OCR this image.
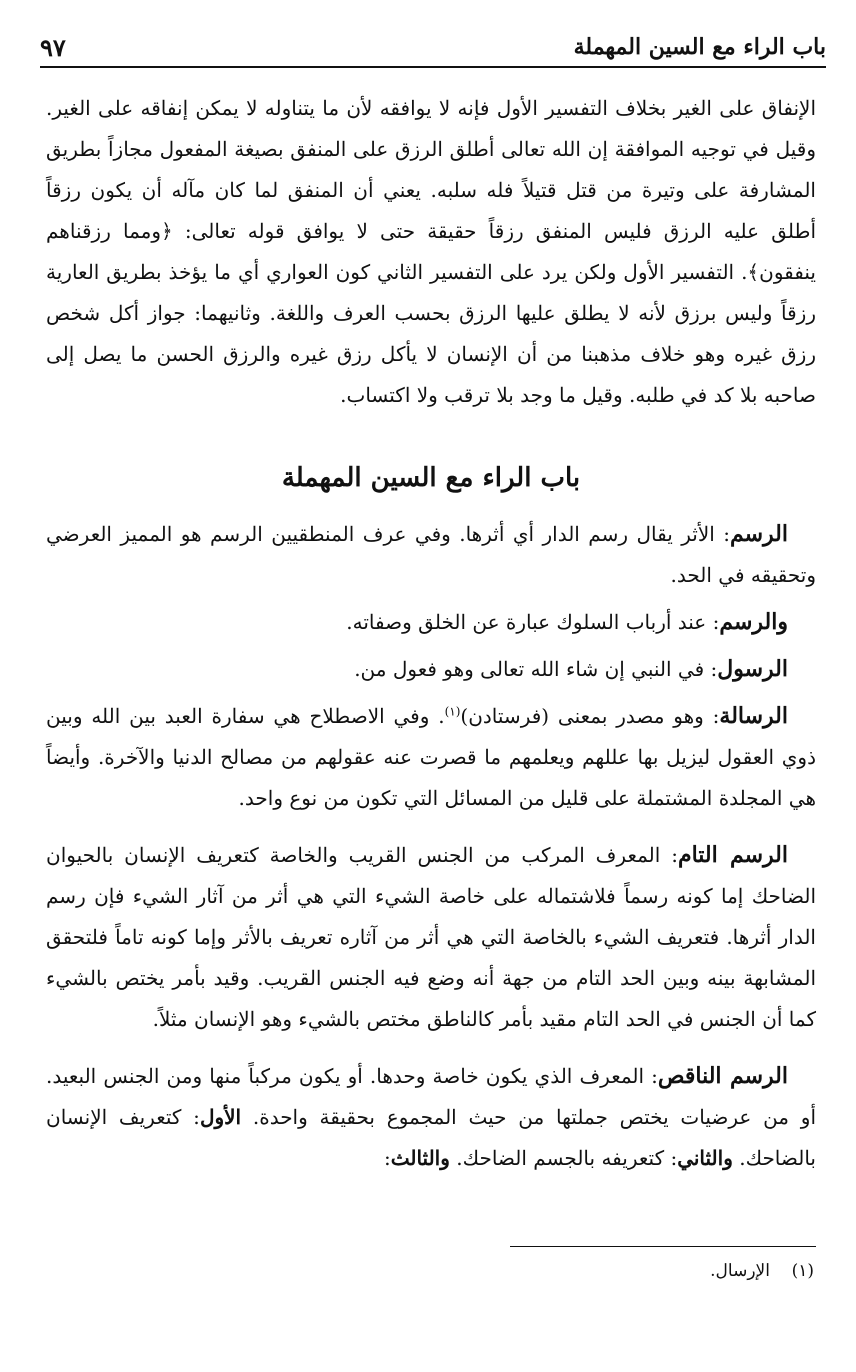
باب الراء مع السين المهملة
٩٧

الإنفاق على الغير بخلاف التفسير الأول فإنه لا يوافقه لأن ما يتناوله لا يمكن إنفاقه على الغير. وقيل في توجيه الموافقة إن الله تعالى أطلق الرزق على المنفق بصيغة المفعول مجازاً بطريق المشارفة على وتيرة من قتل قتيلاً فله سلبه. يعني أن المنفق لما كان مآله أن يكون رزقاً أطلق عليه الرزق فليس المنفق رزقاً حقيقة حتى لا يوافق قوله تعالى: ﴿ومما رزقناهم ينفقون﴾. التفسير الأول ولكن يرد على التفسير الثاني كون العواري أي ما يؤخذ بطريق العارية رزقاً وليس برزق لأنه لا يطلق عليها الرزق بحسب العرف واللغة. وثانيهما: جواز أكل شخص رزق غيره وهو خلاف مذهبنا من أن الإنسان لا يأكل رزق غيره والرزق الحسن ما يصل إلى صاحبه بلا كد في طلبه. وقيل ما وجد بلا ترقب ولا اكتساب.

باب الراء مع السين المهملة

الرسم: الأثر يقال رسم الدار أي أثرها. وفي عرف المنطقيين الرسم هو المميز العرضي وتحقيقه في الحد.

والرسم: عند أرباب السلوك عبارة عن الخلق وصفاته.

الرسول: في النبي إن شاء الله تعالى وهو فعول من.

الرسالة: وهو مصدر بمعنى (فرستادن)$^{(١)}$. وفي الاصطلاح هي سفارة العبد بين الله وبين ذوي العقول ليزيل بها عللهم ويعلمهم ما قصرت عنه عقولهم من مصالح الدنيا والآخرة. وأيضاً هي المجلدة المشتملة على قليل من المسائل التي تكون من نوع واحد.

الرسم التام: المعرف المركب من الجنس القريب والخاصة كتعريف الإنسان بالحيوان الضاحك إما كونه رسماً فلاشتماله على خاصة الشيء التي هي أثر من آثار الشيء فإن رسم الدار أثرها. فتعريف الشيء بالخاصة التي هي أثر من آثاره تعريف بالأثر وإما كونه تاماً فلتحقق المشابهة بينه وبين الحد التام من جهة أنه وضع فيه الجنس القريب. وقيد بأمر يختص بالشيء كما أن الجنس في الحد التام مقيد بأمر كالناطق مختص بالشيء وهو الإنسان مثلاً.

الرسم الناقص: المعرف الذي يكون خاصة وحدها. أو يكون مركباً منها ومن الجنس البعيد. أو من عرضيات يختص جملتها من حيث المجموع بحقيقة واحدة. الأول: كتعريف الإنسان بالضاحك. والثاني: كتعريفه بالجسم الضاحك. والثالث:

(١)    الإرسال.
